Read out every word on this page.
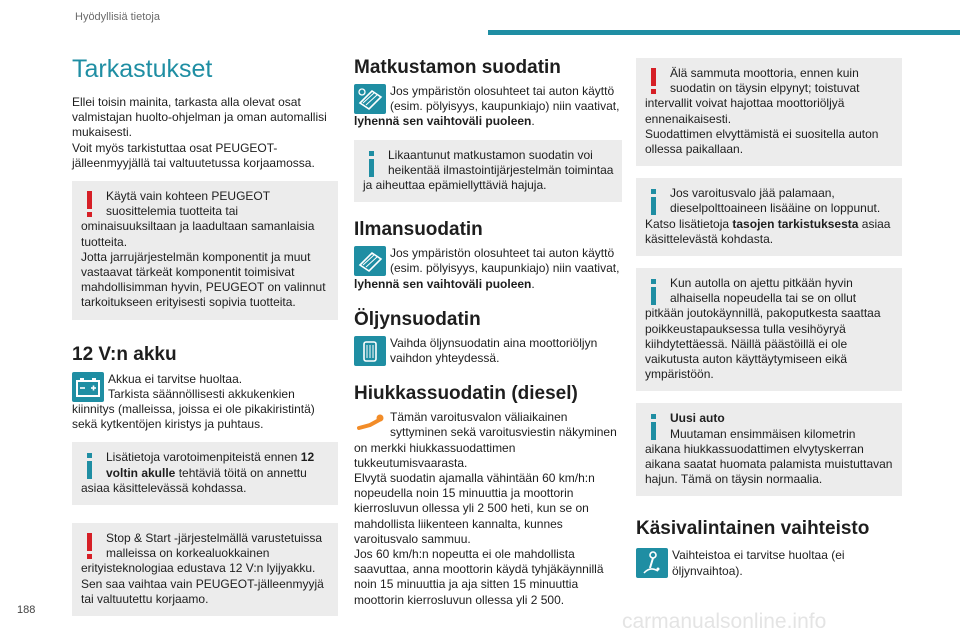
Hyödyllisiä tietoja
Tarkastukset

Ellei toisin mainita, tarkasta alla olevat osat valmistajan huolto-ohjelman ja oman automallisi mukaisesti.

Voit myös tarkistuttaa osat PEUGEOT-jälleenmyyjällä tai valtuutetussa korjaamossa.

Käytä vain kohteen PEUGEOT suosittelemia tuotteita tai ominaisuuksiltaan ja laadultaan samanlaisia tuotteita.
Jotta jarrujärjestelmän komponentit ja muut vastaavat tärkeät komponentit toimisivat mahdollisimman hyvin, PEUGEOT on valinnut tarkoitukseen erityisesti sopivia tuotteita.
12 V:n akku
Akkua ei tarvitse huoltaa.
Tarkista säännöllisesti akkukenkien kiinnitys (malleissa, joissa ei ole pikakiristintä) sekä kytkentöjen kiristys ja puhtaus.
Lisätietoja varotoimenpiteistä ennen 12 voltin akulle tehtäviä töitä on annettu asiaa käsittelevässä kohdassa.
Stop & Start -järjestelmällä varustetuissa malleissa on korkealuokkainen erityisteknologiaa edustava 12 V:n lyijyakku.
Sen saa vaihtaa vain PEUGEOT-jälleenmyyjä tai valtuutettu korjaamo.
Matkustamon suodatin
Jos ympäristön olosuhteet tai auton käyttö (esim. pölyisyys, kaupunkiajo) niin vaativat, lyhennä sen vaihtoväli puoleen.
Likaantunut matkustamon suodatin voi heikentää ilmastointijärjestelmän toimintaa ja aiheuttaa epämiellyttäviä hajuja.
Ilmansuodatin
Jos ympäristön olosuhteet tai auton käyttö (esim. pölyisyys, kaupunkiajo) niin vaativat, lyhennä sen vaihtoväli puoleen.
Öljynsuodatin
Vaihda öljynsuodatin aina moottoriöljyn vaihdon yhteydessä.
Hiukkassuodatin (diesel)
Tämän varoitusvalon väliaikainen syttyminen sekä varoitusviestin näkyminen on merkki hiukkassuodattimen tukkeutumisvaarasta.
Elvytä suodatin ajamalla vähintään 60 km/h:n nopeudella noin 15 minuuttia ja moottorin kierrosluvun ollessa yli 2 500 heti, kun se on mahdollista liikenteen kannalta, kunnes varoitusvalo sammuu.
Jos 60 km/h:n nopeutta ei ole mahdollista saavuttaa, anna moottorin käydä tyhjäkäynnillä noin 15 minuuttia ja aja sitten 15 minuuttia moottorin kierrosluvun ollessa yli 2 500.
Älä sammuta moottoria, ennen kuin suodatin on täysin elpynyt; toistuvat intervallit voivat hajottaa moottoriöljyä ennenaikaisesti.
Suodattimen elvyttämistä ei suositella auton ollessa paikallaan.
Jos varoitusvalo jää palamaan, dieselpolttoaineen lisääine on loppunut. Katso lisätietoja tasojen tarkistuksesta asiaa käsittelevästä kohdasta.
Kun autolla on ajettu pitkään hyvin alhaisella nopeudella tai se on ollut pitkään joutokäynnillä, pakoputkesta saattaa poikkeustapauksessa tulla vesihöyryä kiihdytettäessä. Näillä päästöillä ei ole vaikutusta auton käyttäytymiseen eikä ympäristöön.
Uusi auto
Muutaman ensimmäisen kilometrin aikana hiukkassuodattimen elvytyskerran aikana saatat huomata palamista muistuttavan hajun. Tämä on täysin normaalia.
Käsivalintainen vaihteisto
Vaihteistoa ei tarvitse huoltaa (ei öljynvaihtoa).
188	carmanualsonline.info
